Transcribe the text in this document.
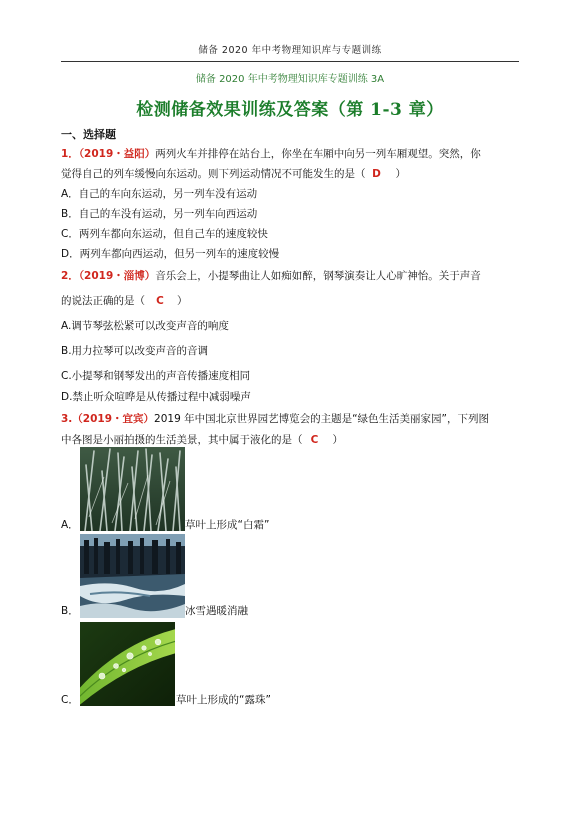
储备 2020 年中考物理知识库与专题训练
储备 2020 年中考物理知识库专题训练 3A
检测储备效果训练及答案（第 1-3 章）
一、选择题
1．（2019・益阳）两列火车并排停在站台上，你坐在车厢中向另一列车厢观望。突然，你
觉得自己的列车缓慢向东运动。则下列运动情况不可能发生的是（ D ）
A．自己的车向东运动，另一列车没有运动
B．自己的车没有运动，另一列车向西运动
C．两列车都向东运动，但自己车的速度较快
D．两列车都向西运动，但另一列车的速度较慢
2．（2019・淄博）音乐会上，小提琴曲让人如痴如醉，钢琴演奏让人心旷神怡。关于声音
的说法正确的是（ C ）
A.调节琴弦松紧可以改变声音的响度
B.用力拉琴可以改变声音的音调
C.小提琴和钢琴发出的声音传播速度相同
D.禁止听众喧哗是从传播过程中减弱噪声
3.（2019・宜宾）2019 年中国北京世界园艺博览会的主题是“绿色生活美丽家园”，下列图
中各图是小丽拍摄的生活美景，其中属于液化的是（ C ）
A．	草叶上形成“白霜”
B．	冰雪遇暖消融
C．	草叶上形成的“露珠”
